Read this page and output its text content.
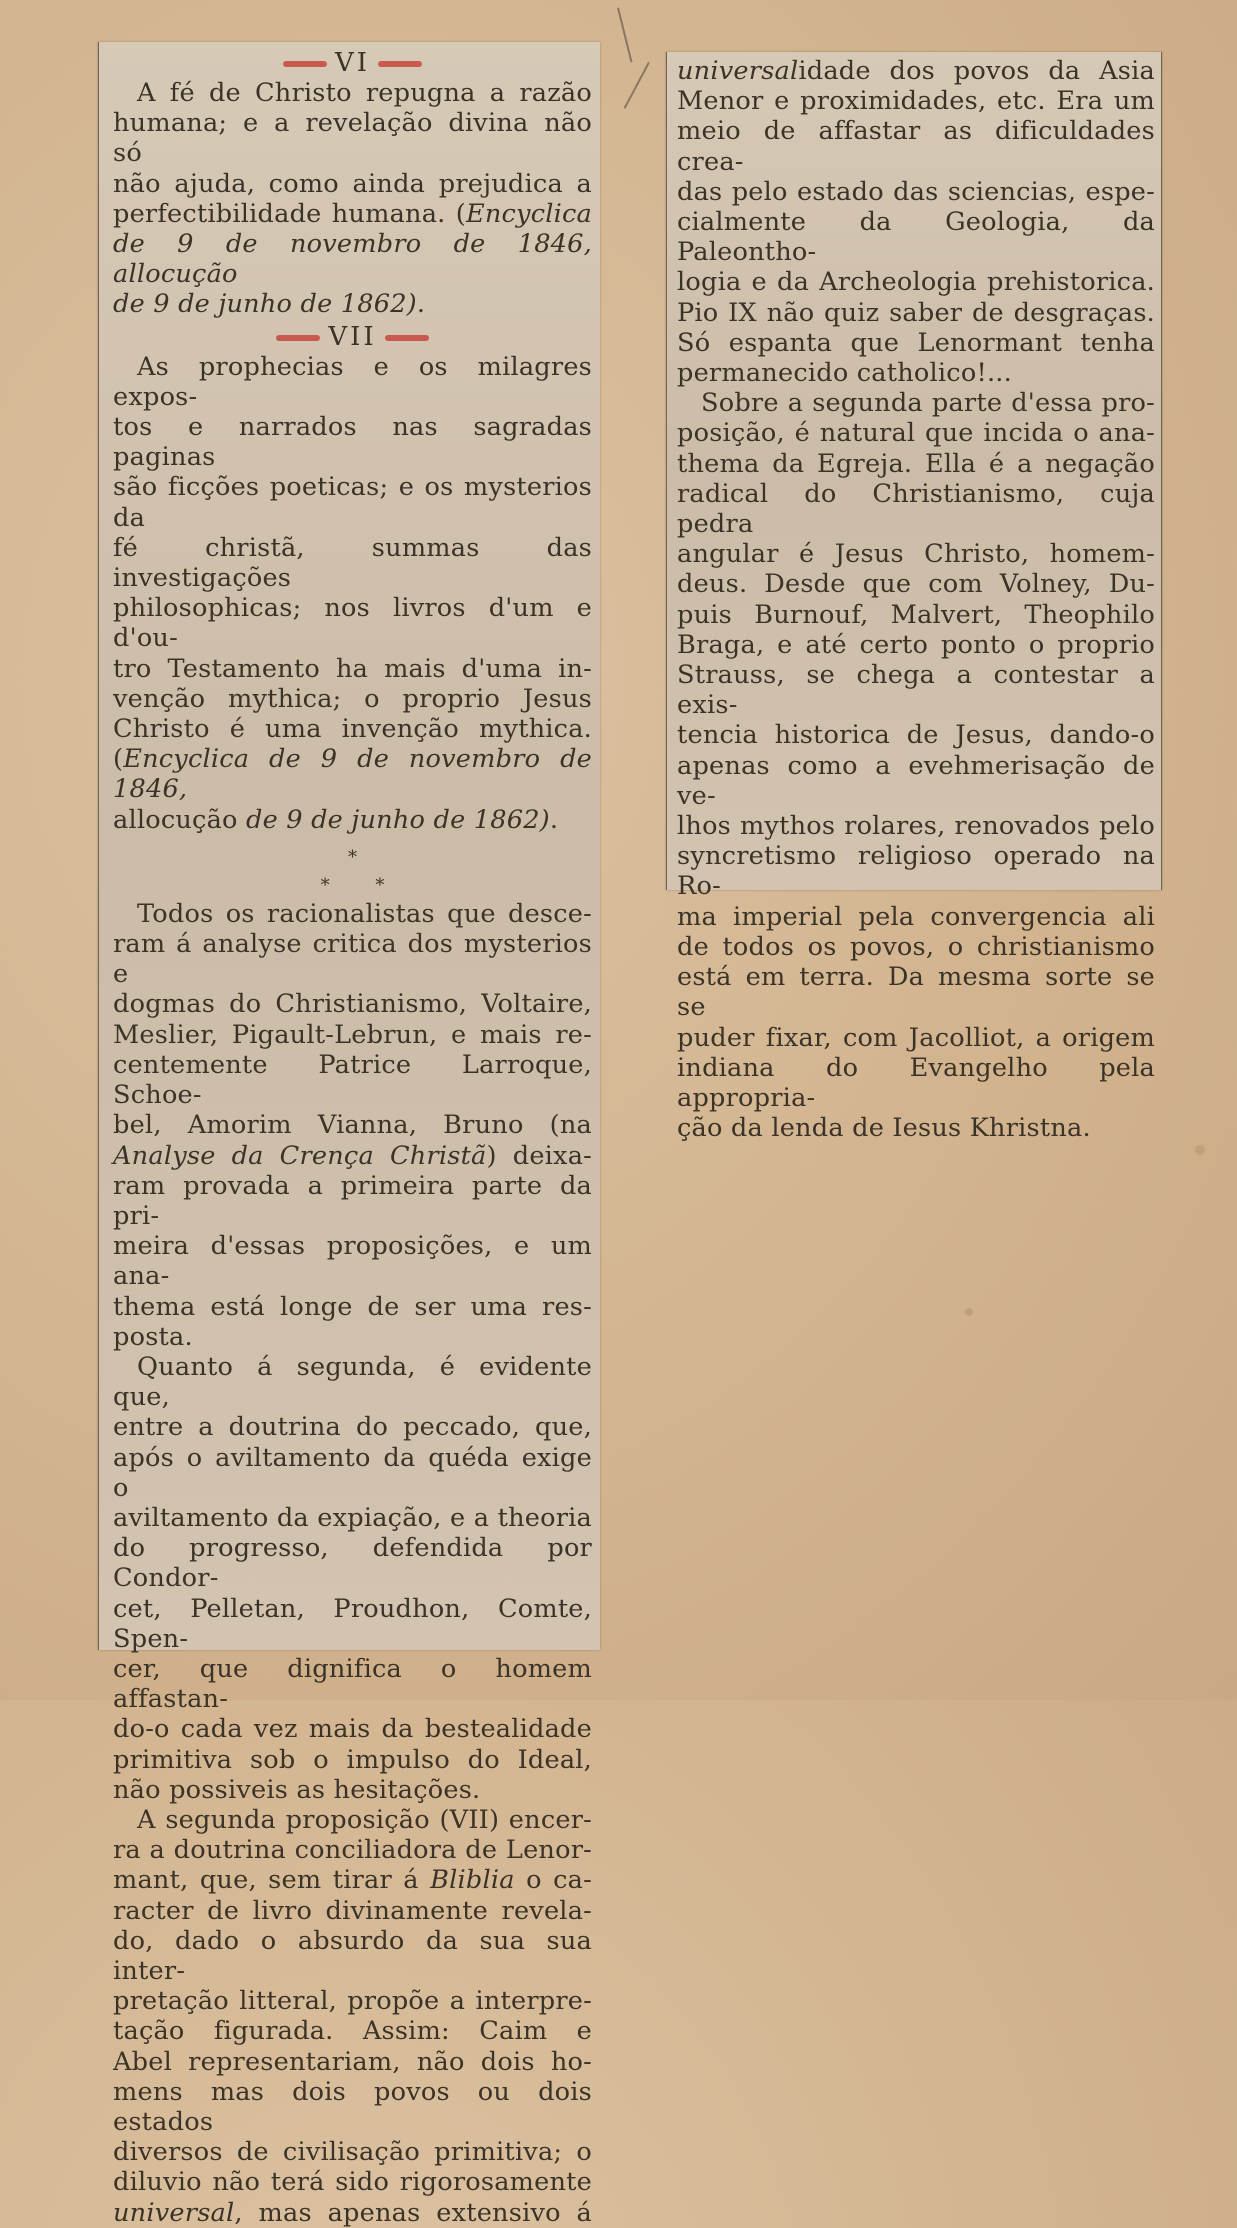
VI

A fé de Christo repugna a razão
humana; e a revelação divina não só
não ajuda, como ainda prejudica a
perfectibilidade humana. (Encyclica
de 9 de novembro de 1846, allocução
de 9 de junho de 1862).

VII

As prophecias e os milagres expos-
tos e narrados nas sagradas paginas
são ficções poeticas; e os mysterios da
fé christã, summas das investigações
philosophicas; nos livros d'um e d'ou-
tro Testamento ha mais d'uma in-
venção mythica; o proprio Jesus
Christo é uma invenção mythica.
(Encyclica de 9 de novembro de 1846,
allocução de 9 de junho de 1862).

*

* *

Todos os racionalistas que desce-
ram á analyse critica dos mysterios e
dogmas do Christianismo, Voltaire,
Meslier, Pigault-Lebrun, e mais re-
centemente Patrice Larroque, Schoe-
bel, Amorim Vianna, Bruno (na
Analyse da Crença Christã) deixa-
ram provada a primeira parte da pri-
meira d'essas proposições, e um ana-
thema está longe de ser uma res-
posta.
Quanto á segunda, é evidente que,
entre a doutrina do peccado, que,
após o aviltamento da quéda exige o
aviltamento da expiação, e a theoria
do progresso, defendida por Condor-
cet, Pelletan, Proudhon, Comte, Spen-
cer, que dignifica o homem affastan-
do-o cada vez mais da bestealidade
primitiva sob o impulso do Ideal,
não possiveis as hesitações.
A segunda proposição (VII) encer-
ra a doutrina conciliadora de Lenor-
mant, que, sem tirar á Bliblia o ca-
racter de livro divinamente revela-
do, dado o absurdo da sua sua inter-
pretação litteral, propõe a interpre-
tação figurada. Assim: Caim e
Abel representariam, não dois ho-
mens mas dois povos ou dois estados
diversos de civilisação primitiva; o
diluvio não terá sido rigorosamente
universal, mas apenas extensivo á
universalidade dos povos da Asia
Menor e proximidades, etc. Era um
meio de affastar as dificuldades crea-
das pelo estado das sciencias, espe-
cialmente da Geologia, da Paleontho-
logia e da Archeologia prehistorica.
Pio IX não quiz saber de desgraças.
Só espanta que Lenormant tenha
permanecido catholico!...
Sobre a segunda parte d'essa pro-
posição, é natural que incida o ana-
thema da Egreja. Ella é a negação
radical do Christianismo, cuja pedra
angular é Jesus Christo, homem-
deus. Desde que com Volney, Du-
puis Burnouf, Malvert, Theophilo
Braga, e até certo ponto o proprio
Strauss, se chega a contestar a exis-
tencia historica de Jesus, dando-o
apenas como a evehmerisação de ve-
lhos mythos rolares, renovados pelo
syncretismo religioso operado na Ro-
ma imperial pela convergencia ali
de todos os povos, o christianismo
está em terra. Da mesma sorte se se
puder fixar, com Jacolliot, a origem
indiana do Evangelho pela appropria-
ção da lenda de Iesus Khristna.
